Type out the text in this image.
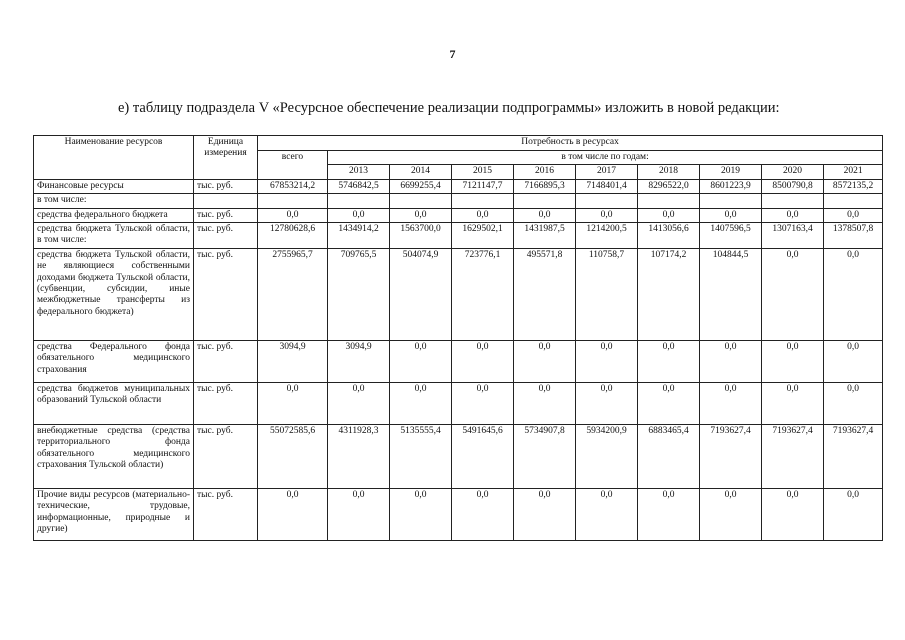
7
е) таблицу подраздела V «Ресурсное обеспечение реализации подпрограммы» изложить в новой редакции:
Наименование ресурсов	Единица измерения	Потребность в ресурсах									
		всего	в том числе по годам:								
			2013	2014	2015	2016	2017	2018	2019	2020	2021
Финансовые ресурсы	тыс. руб.	67853214,2	5746842,5	6699255,4	7121147,7	7166895,3	7148401,4	8296522,0	8601223,9	8500790,8	8572135,2
в том числе:											
средства федерального бюджета	тыс. руб.	0,0	0,0	0,0	0,0	0,0	0,0	0,0	0,0	0,0	0,0
средства бюджета Тульской области, в том числе:	тыс. руб.	12780628,6	1434914,2	1563700,0	1629502,1	1431987,5	1214200,5	1413056,6	1407596,5	1307163,4	1378507,8
средства бюджета Тульской области, не являющиеся собственными доходами бюджета Тульской области, (субвенции, субсидии, иные межбюджетные трансферты из федерального бюджета)	тыс. руб.	2755965,7	709765,5	504074,9	723776,1	495571,8	110758,7	107174,2	104844,5	0,0	0,0
средства Федерального фонда обязательного медицинского страхования	тыс. руб.	3094,9	3094,9	0,0	0,0	0,0	0,0	0,0	0,0	0,0	0,0
средства бюджетов муниципальных образований Тульской области	тыс. руб.	0,0	0,0	0,0	0,0	0,0	0,0	0,0	0,0	0,0	0,0
внебюджетные средства (средства территориального фонда обязательного медицинского страхования Тульской области)	тыс. руб.	55072585,6	4311928,3	5135555,4	5491645,6	5734907,8	5934200,9	6883465,4	7193627,4	7193627,4	7193627,4
Прочие виды ресурсов (материально-технические, трудовые, информационные, природные и другие)	тыс. руб.	0,0	0,0	0,0	0,0	0,0	0,0	0,0	0,0	0,0	0,0
